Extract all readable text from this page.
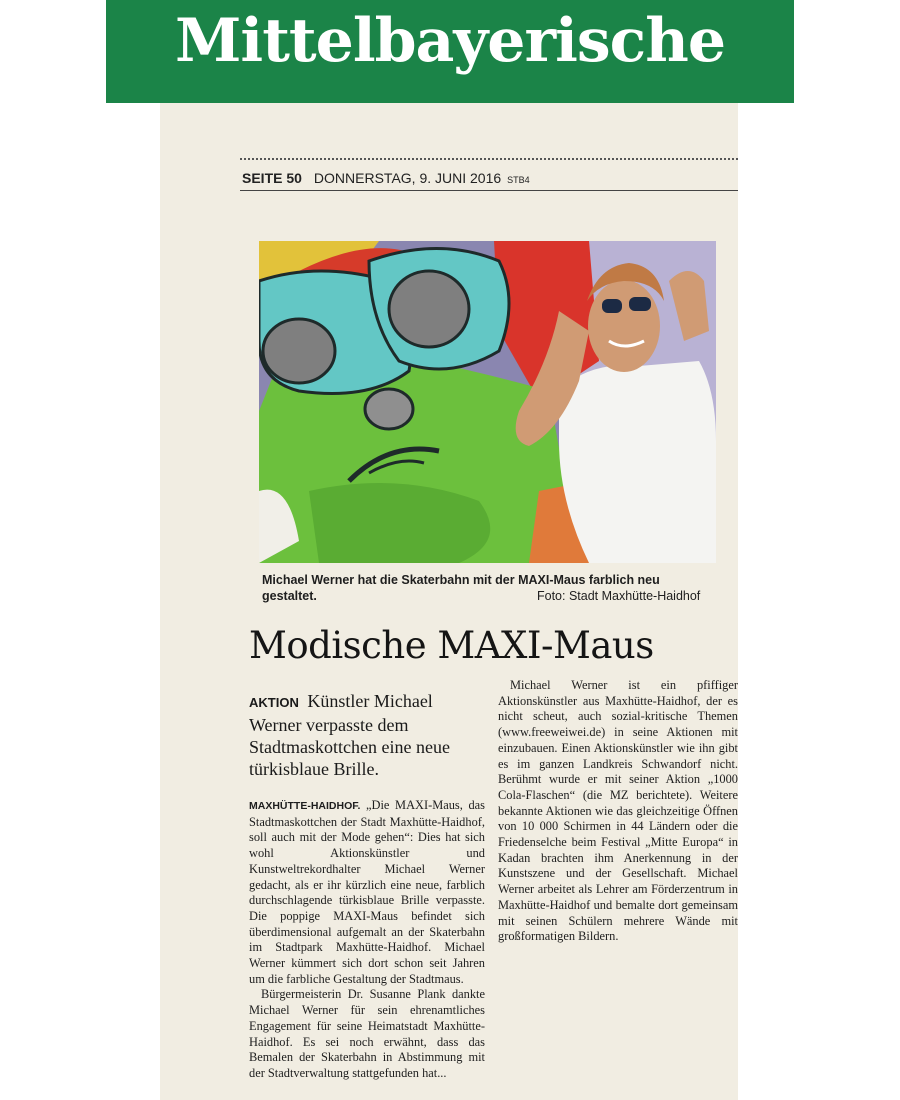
Mittelbayerische
SEITE 50 DONNERSTAG, 9. JUNI 2016 STB4
Michael Werner hat die Skaterbahn mit der MAXI-Maus farblich neu gestaltet.	Foto: Stadt Maxhütte-Haidhof
Modische MAXI-Maus
AKTION Künstler Michael Werner verpasste dem Stadtmaskottchen eine neue türkisblaue Brille.

MAXHÜTTE-HAIDHOF. „Die MAXI-Maus, das Stadtmaskottchen der Stadt Maxhütte-Haidhof, soll auch mit der Mode gehen“: Dies hat sich wohl Aktionskünstler und Kunstweltrekordhalter Michael Werner gedacht, als er ihr kürzlich eine neue, farblich durchschlagende türkisblaue Brille verpasste. Die poppige MAXI-Maus befindet sich überdimensional aufgemalt an der Skaterbahn im Stadtpark Maxhütte-Haidhof. Michael Werner kümmert sich dort schon seit Jahren um die farbliche Gestaltung der Stadtmaus.

Bürgermeisterin Dr. Susanne Plank dankte Michael Werner für sein ehrenamtliches Engagement für seine Heimatstadt Maxhütte-Haidhof. Es sei noch erwähnt, dass das Bemalen der Skaterbahn in Abstimmung mit der Stadtverwaltung stattgefunden hat...

Michael Werner ist ein pfiffiger Aktionskünstler aus Maxhütte-Haidhof, der es nicht scheut, auch sozial-kritische Themen (www.freeweiwei.de) in seine Aktionen mit einzubauen. Einen Aktionskünstler wie ihn gibt es im ganzen Landkreis Schwandorf nicht. Berühmt wurde er mit seiner Aktion „1000 Cola-Flaschen“ (die MZ berichtete). Weitere bekannte Aktionen wie das gleichzeitige Öffnen von 10 000 Schirmen in 44 Ländern oder die Friedenselche beim Festival „Mitte Europa“ in Kadan brachten ihm Anerkennung in der Kunstszene und der Gesellschaft. Michael Werner arbeitet als Lehrer am Förderzentrum in Maxhütte-Haidhof und bemalte dort gemeinsam mit seinen Schülern mehrere Wände mit großformatigen Bildern.
